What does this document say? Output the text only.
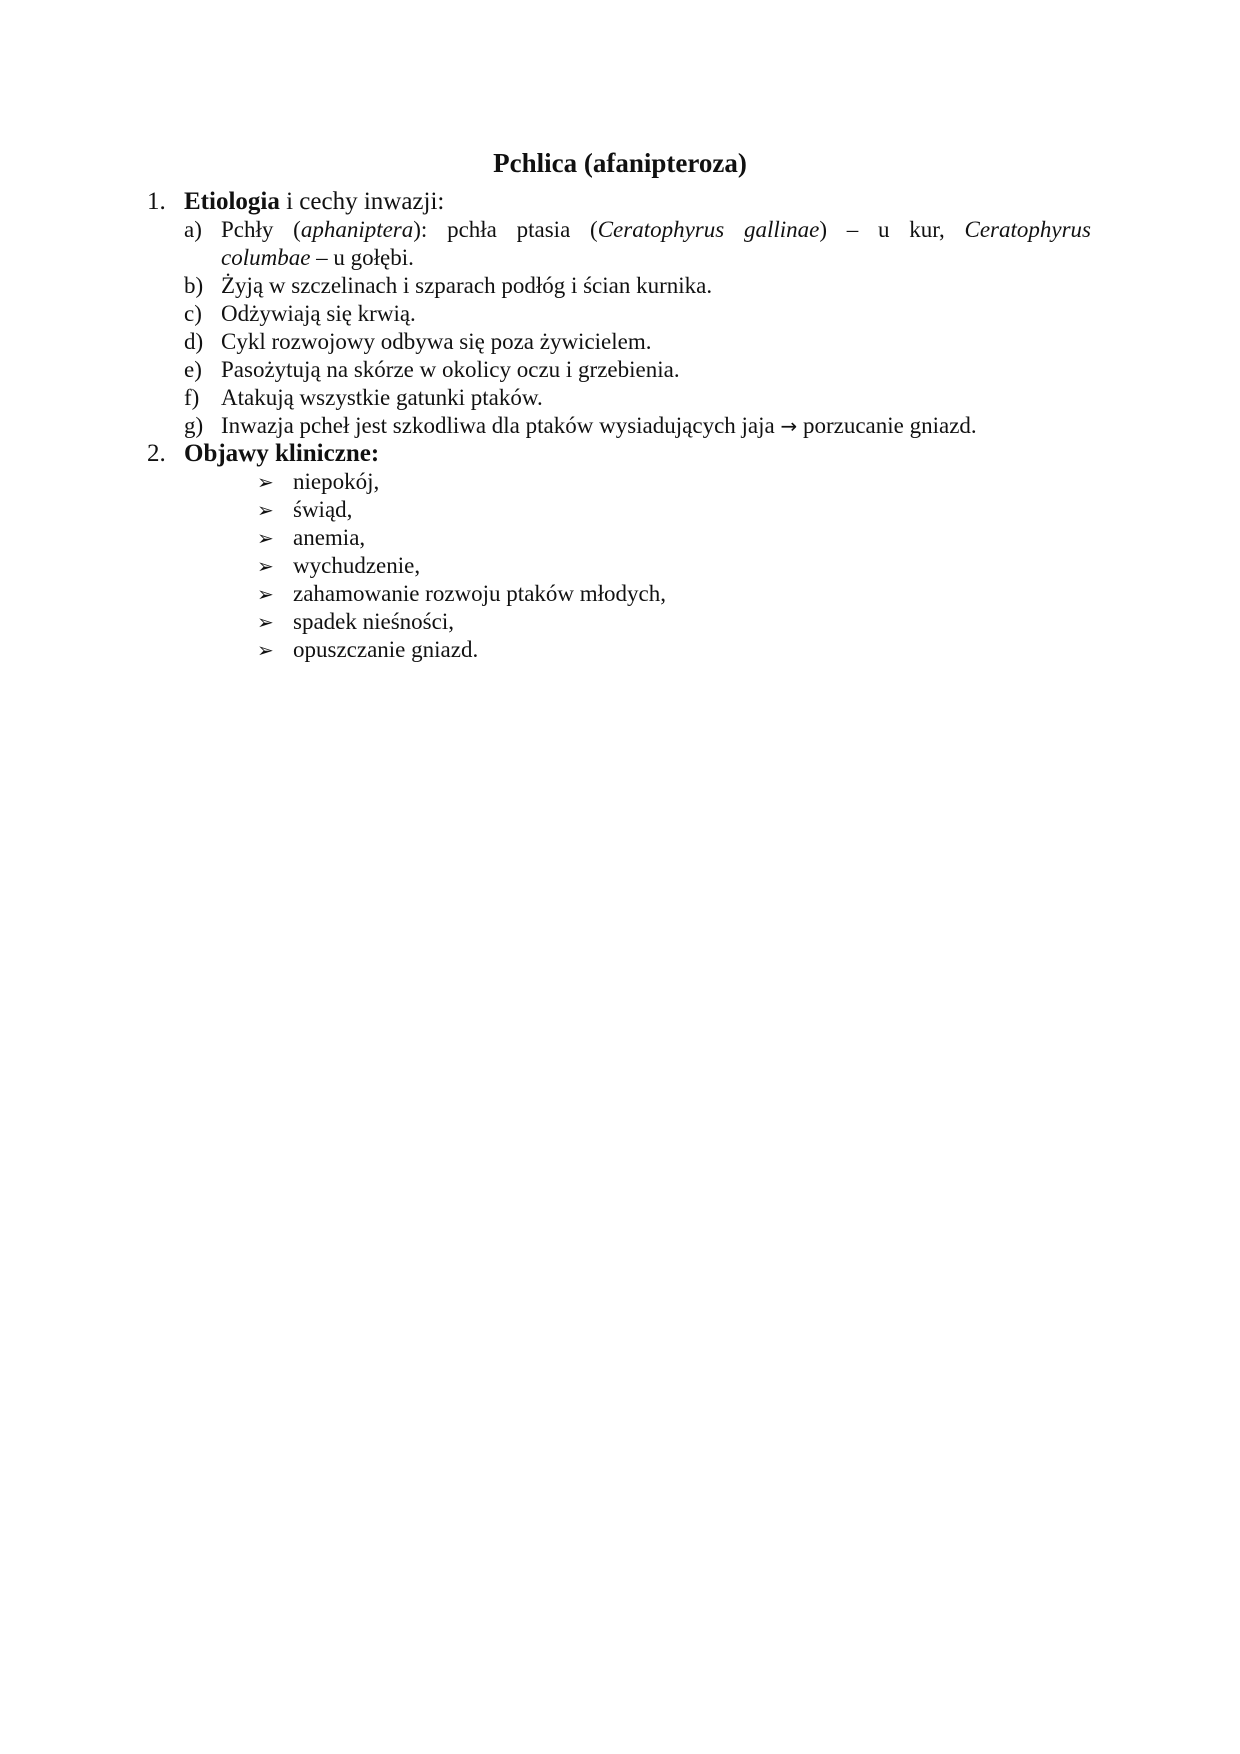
Pchlica (afanipteroza)
1. Etiologia i cechy inwazji:
a) Pchły (aphaniptera): pchła ptasia (Ceratophyrus gallinae) – u kur, Ceratophyrus
columbae – u gołębi.
b) Żyją w szczelinach i szparach podłóg i ścian kurnika.
c) Odżywiają się krwią.
d) Cykl rozwojowy odbywa się poza żywicielem.
e) Pasożytują na skórze w okolicy oczu i grzebienia.
f) Atakują wszystkie gatunki ptaków.
g) Inwazja pcheł jest szkodliwa dla ptaków wysiadujących jaja → porzucanie gniazd.
2. Objawy kliniczne:
➢ niepokój,
➢ świąd,
➢ anemia,
➢ wychudzenie,
➢ zahamowanie rozwoju ptaków młodych,
➢ spadek nieśności,
➢ opuszczanie gniazd.
